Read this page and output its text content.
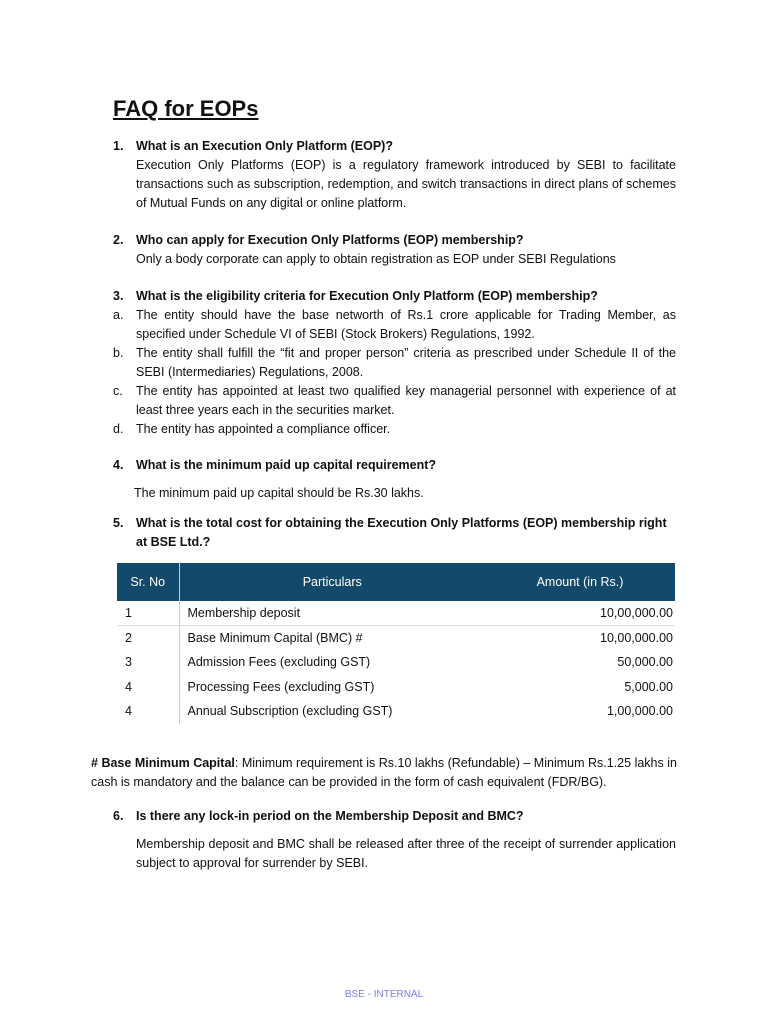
FAQ for EOPs
1. What is an Execution Only Platform (EOP)?
Execution Only Platforms (EOP) is a regulatory framework introduced by SEBI to facilitate transactions such as subscription, redemption, and switch transactions in direct plans of schemes of Mutual Funds on any digital or online platform.
2. Who can apply for Execution Only Platforms (EOP) membership?
Only a body corporate can apply to obtain registration as EOP under SEBI Regulations
3. What is the eligibility criteria for Execution Only Platform (EOP) membership?
a. The entity should have the base networth of Rs.1 crore applicable for Trading Member, as specified under Schedule VI of SEBI (Stock Brokers) Regulations, 1992.
b. The entity shall fulfill the “fit and proper person” criteria as prescribed under Schedule II of the SEBI (Intermediaries) Regulations, 2008.
c. The entity has appointed at least two qualified key managerial personnel with experience of at least three years each in the securities market.
d. The entity has appointed a compliance officer.
4. What is the minimum paid up capital requirement?
The minimum paid up capital should be Rs.30 lakhs.
5. What is the total cost for obtaining the Execution Only Platforms (EOP) membership right at BSE Ltd.?
Sr. No	Particulars	Amount (in Rs.)
1	Membership deposit	10,00,000.00
2	Base Minimum Capital (BMC) #	10,00,000.00
3	Admission Fees (excluding GST)	50,000.00
4	Processing Fees (excluding GST)	5,000.00
4	Annual Subscription (excluding GST)	1,00,000.00
# Base Minimum Capital: Minimum requirement is Rs.10 lakhs (Refundable) – Minimum Rs.1.25 lakhs in cash is mandatory and the balance can be provided in the form of cash equivalent (FDR/BG).
6. Is there any lock-in period on the Membership Deposit and BMC?
Membership deposit and BMC shall be released after three of the receipt of surrender application subject to approval for surrender by SEBI.
BSE - INTERNAL
